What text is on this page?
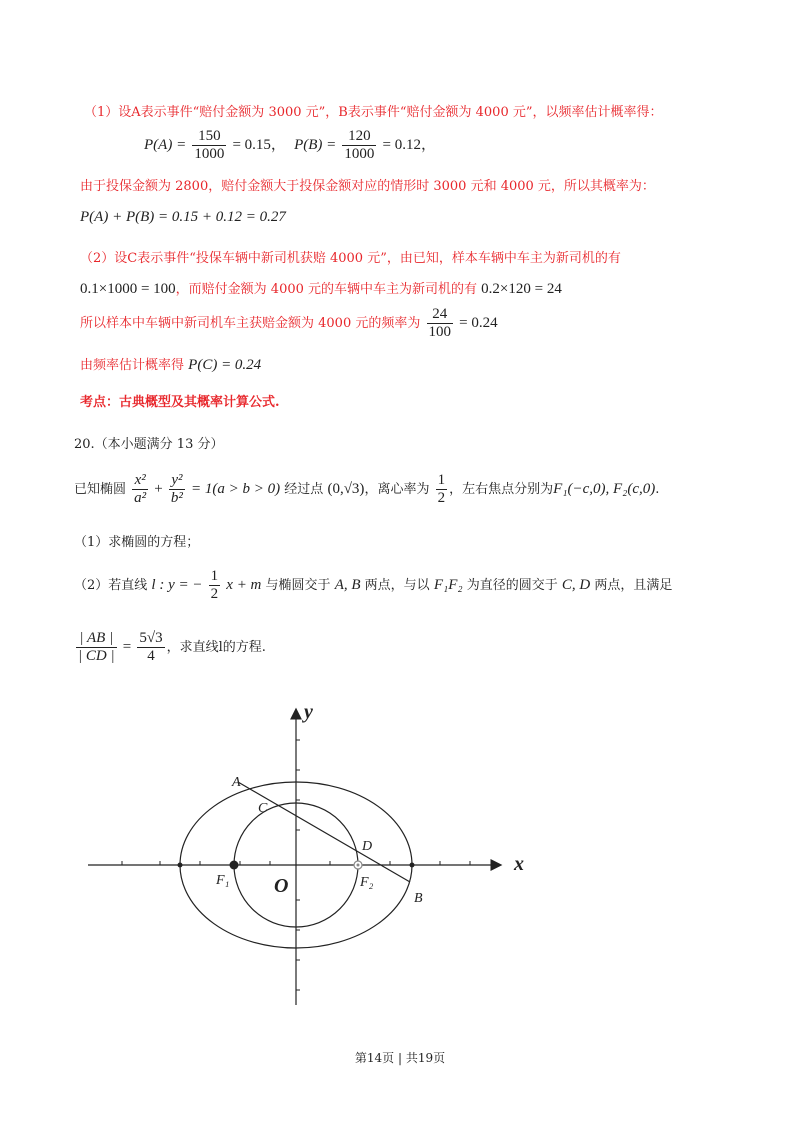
（1）设A表示事件“赔付金额为 3000 元”，B表示事件“赔付金额为 4000 元”，以频率估计概率得：
$P(A) = \frac{150}{1000} = 0.15$， $P(B) = \frac{120}{1000} = 0.12$，
由于投保金额为 2800，赔付金额大于投保金额对应的情形时 3000 元和 4000 元，所以其概率为：
P(A) + P(B) = 0.15 + 0.12 = 0.27
（2）设C表示事件“投保车辆中新司机获赔 4000 元”，由已知，样本车辆中车主为新司机的有
0.1×1000 = 100，而赔付金额为 4000 元的车辆中车主为新司机的有 0.2×120 = 24
所以样本中车辆中新司机车主获赔金额为 4000 元的频率为 $\frac{24}{100} = 0.24$
由频率估计概率得 P(C) = 0.24
考点：古典概型及其概率计算公式.
20.（本小题满分 13 分）
已知椭圆 $\frac{\text{x²}}{\text{a²}} + \frac{\text{y²}}{\text{b²}} = 1(a > b > 0)$ 经过点 (0,√3)，离心率为 $\frac{1}{2}$ ，左右焦点分别为F₁(−c,0), F₂(c,0).
（1）求椭圆的方程；
（2）若直线 l : y = − $\frac{1}{2}$ x + m 与椭圆交于 A, B 两点，与以 F₁F₂ 为直径的圆交于 C, D 两点，且满足
$\frac{| AB |}{| CD |} = \frac{5√3}{4}$ ，求直线l的方程.
y
x
O
A
C
D
B
F₁	F₂
第14页 | 共19页
